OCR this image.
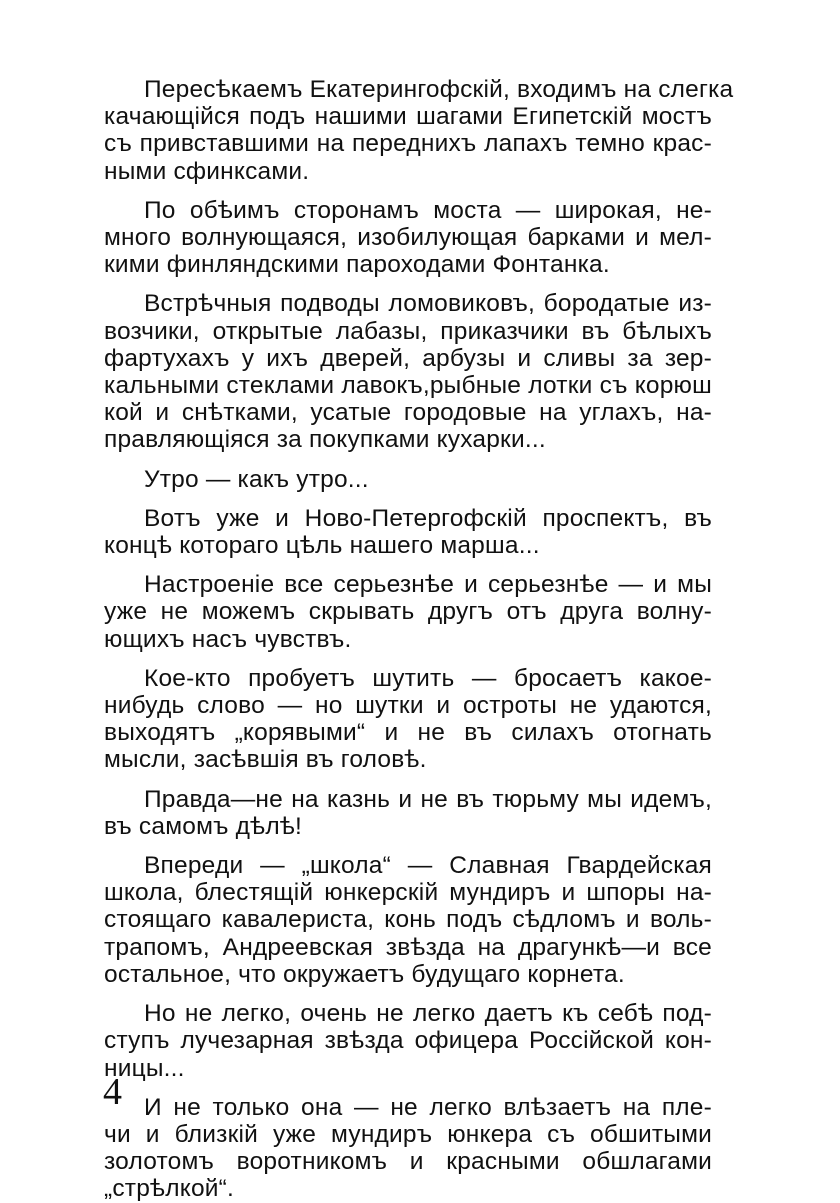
Пересѣкаемъ Екатерингофскій, входимъ на слегка
качающійся подъ нашими шагами Египетскій мостъ
съ привставшими на переднихъ лапахъ темно крас-
ными сфинксами.
По обѣимъ сторонамъ моста — широкая, не-
много волнующаяся, изобилующая барками и мел-
кими финляндскими пароходами Фонтанка.
Встрѣчныя подводы ломовиковъ, бородатые из-
возчики, открытые лабазы, приказчики въ бѣлыхъ
фартухахъ у ихъ дверей, арбузы и сливы за зер-
кальными стеклами лавокъ,рыбные лотки съ корюш
кой и снѣтками, усатые городовые на углахъ, на-
правляющіяся за покупками кухарки...
Утро — какъ утро...
Вотъ уже и Ново-Петергофскій проспектъ, въ
концѣ котораго цѣль нашего марша...
Настроеніе все серьезнѣе и серьезнѣе — и мы
уже не можемъ скрывать другъ отъ друга волну-
ющихъ насъ чувствъ.
Кое-кто пробуетъ шутить — бросаетъ какое-
нибудь слово — но шутки и остроты не удаются,
выходятъ „корявыми“ и не въ силахъ отогнать
мысли, засѣвшія въ головѣ.
Правда—не на казнь и не въ тюрьму мы идемъ,
въ самомъ дѣлѣ!
Впереди — „школа“ — Славная Гвардейская
школа, блестящій юнкерскій мундиръ и шпоры на-
стоящаго кавалериста, конь подъ сѣдломъ и воль-
трапомъ, Андреевская звѣзда на драгункѣ—и все
остальное, что окружаетъ будущаго корнета.
Но не легко, очень не легко даетъ къ себѣ под-
ступъ лучезарная звѣзда офицера Россійской кон-
ницы...
И не только она — не легко влѣзаетъ на пле-
чи и близкій уже мундиръ юнкера съ обшитыми
золотомъ воротникомъ и красными обшлагами
„стрѣлкой“.
4
